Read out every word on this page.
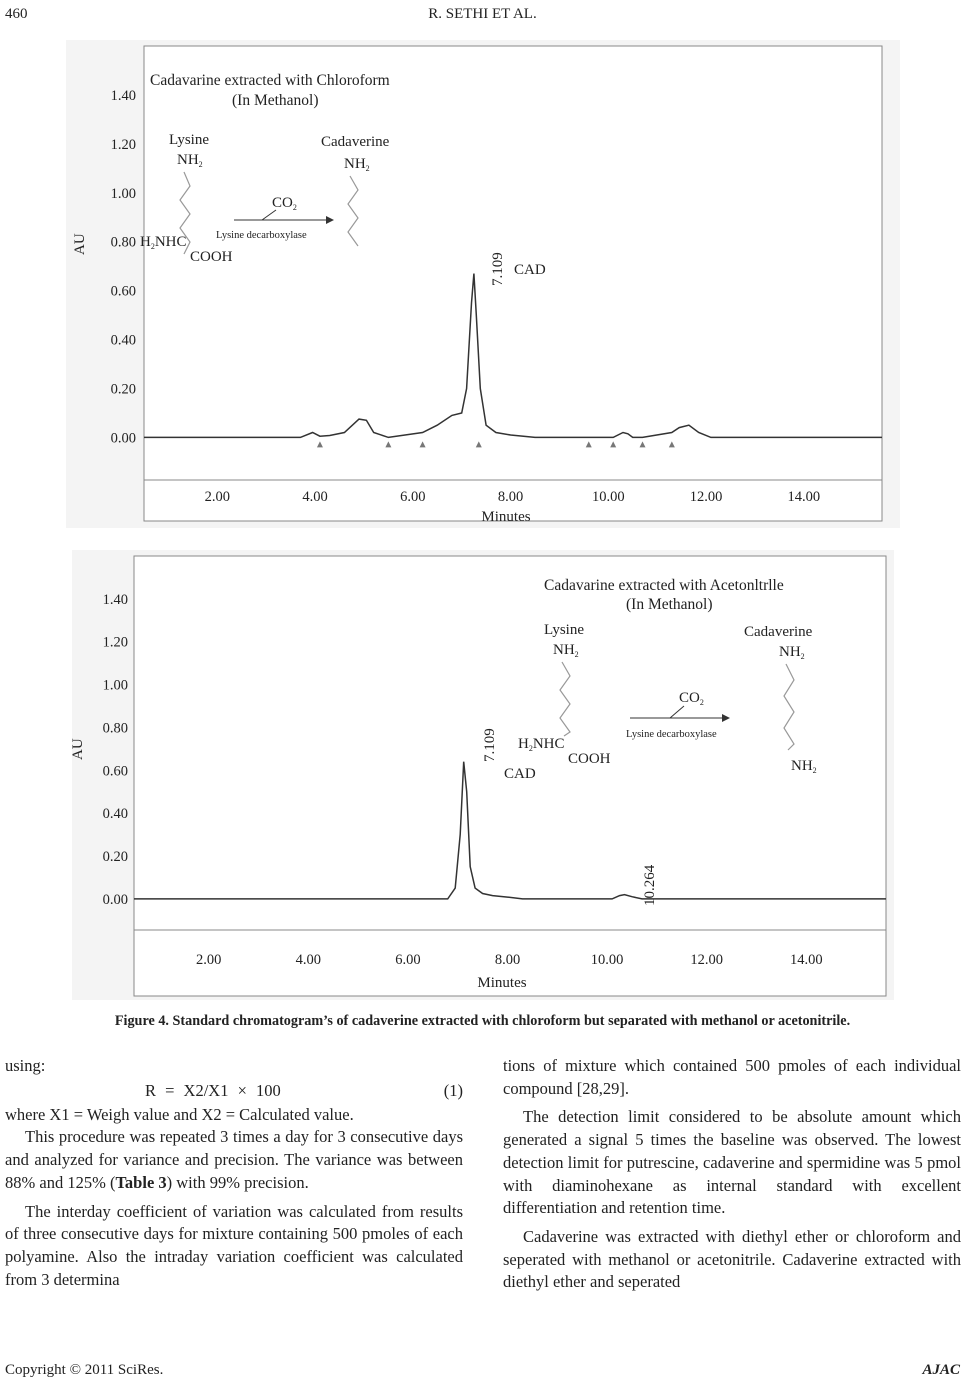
460	R. SETHI ET AL.
0.00
0.20
0.40
0.60
0.80
1.00
1.20
1.40
2.00	4.00	6.00	8.00	10.00	12.00	14.00
AU
Minutes
Cadavarine extracted with Chloroform
(In Methanol)
Lysine
$NH_2$
$H_2NHC$
COOH
$CO_2$
Lysine decarboxylase
Cadaverine
$NH_2$
7.109 CAD
0.00
0.20
0.40
0.60
0.80
1.00
1.20
1.40
2.00	4.00	6.00	8.00	10.00	12.00	14.00
AU
Minutes
Cadavarine extracted with Acetonltrlle
(In Methanol)
Lysine
$NH_2$
$H_2NHC$
COOH
$CO_2$
Lysine decarboxylase
Cadaverine
$NH_2$
$NH_2$
7.109
CAD
10.264
Figure 4. Standard chromatogram’s of cadaverine extracted with chloroform but separated with methanol or acetonitrile.

using:

R = X2/X1 × 100	(1)

where X1 = Weigh value and X2 = Calculated value.

This procedure was repeated 3 times a day for 3 consecutive days and analyzed for variance and precision. The variance was between 88% and 125% (Table 3) with 99% precision.

The interday coefficient of variation was calculated from results of three consecutive days for mixture containing 500 pmoles of each polyamine. Also the intraday variation coefficient was calculated from 3 determina

tions of mixture which contained 500 pmoles of each individual compound [28,29].

The detection limit considered to be absolute amount which generated a signal 5 times the baseline was observed. The lowest detection limit for putrescine, cadaverine and spermidine was 5 pmol with diaminohexane as internal standard with excellent differentiation and retention time.

Cadaverine was extracted with diethyl ether or chloroform and seperated with methanol or acetonitrile. Cadaverine extracted with diethyl ether and seperated

Copyright © 2011 SciRes.	AJAC
